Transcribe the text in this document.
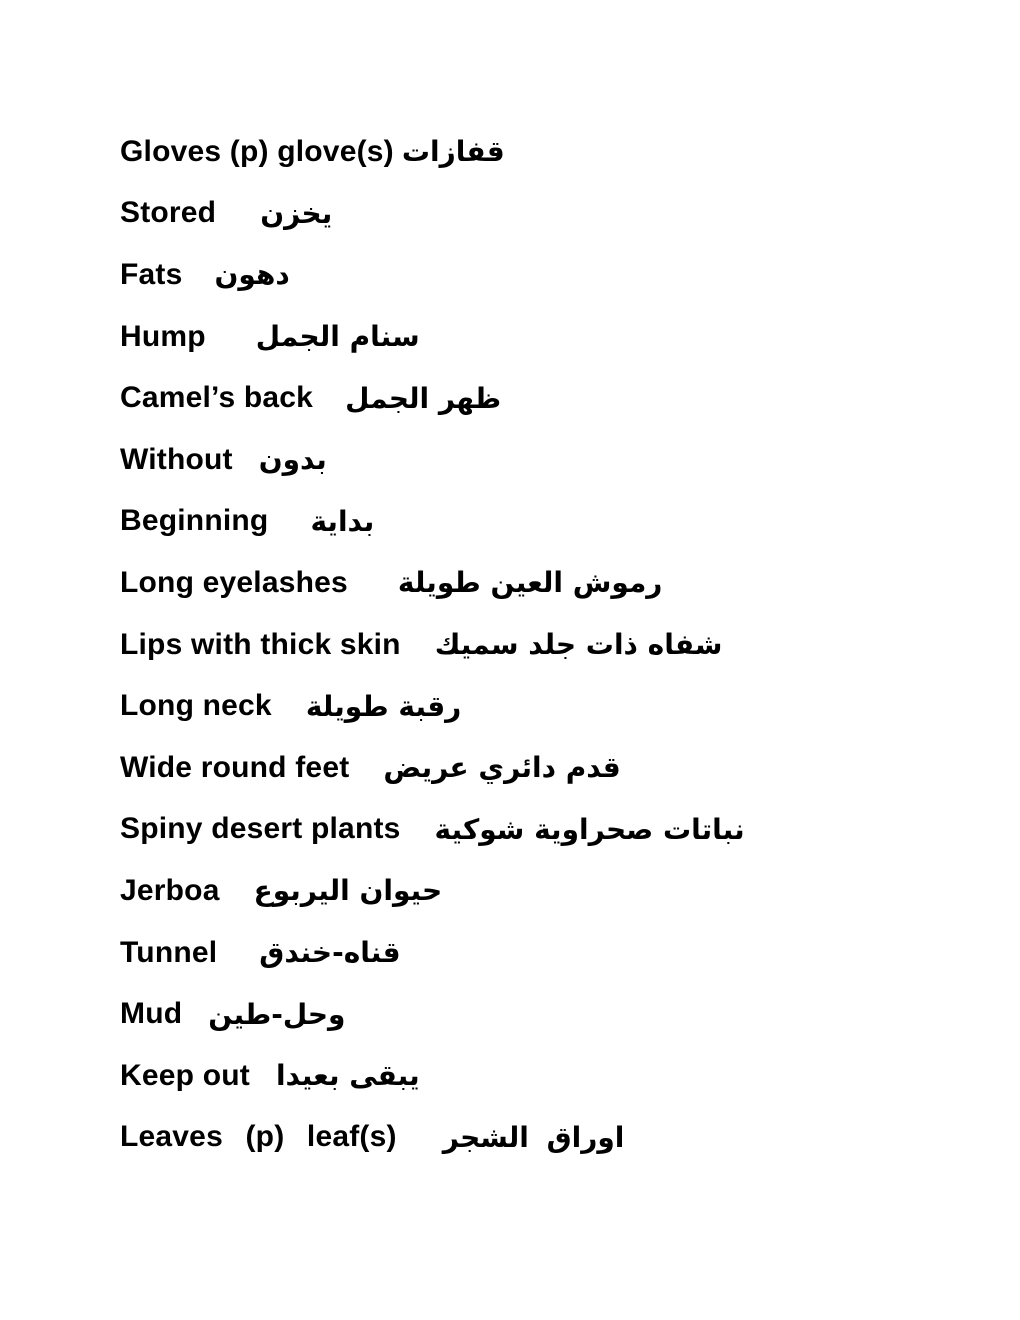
Gloves (p) glove(s) قفازات
Stored يخزن
Fats دهون
Hump سنام الجمل
Camel’s back ظهر الجمل
Without بدون
Beginning بداية
Long eyelashes رموش العين طويلة
Lips with thick skin شفاه ذات جلد سميك
Long neck رقبة طويلة
Wide round feet قدم دائري عريض
Spiny desert plants نباتات صحراوية شوكية
Jerboa حيوان اليربوع
Tunnel قناه-خندق
Mud وحل-طين
Keep out يبقى بعيدا
Leaves (p) leaf(s) اوراق الشجر
